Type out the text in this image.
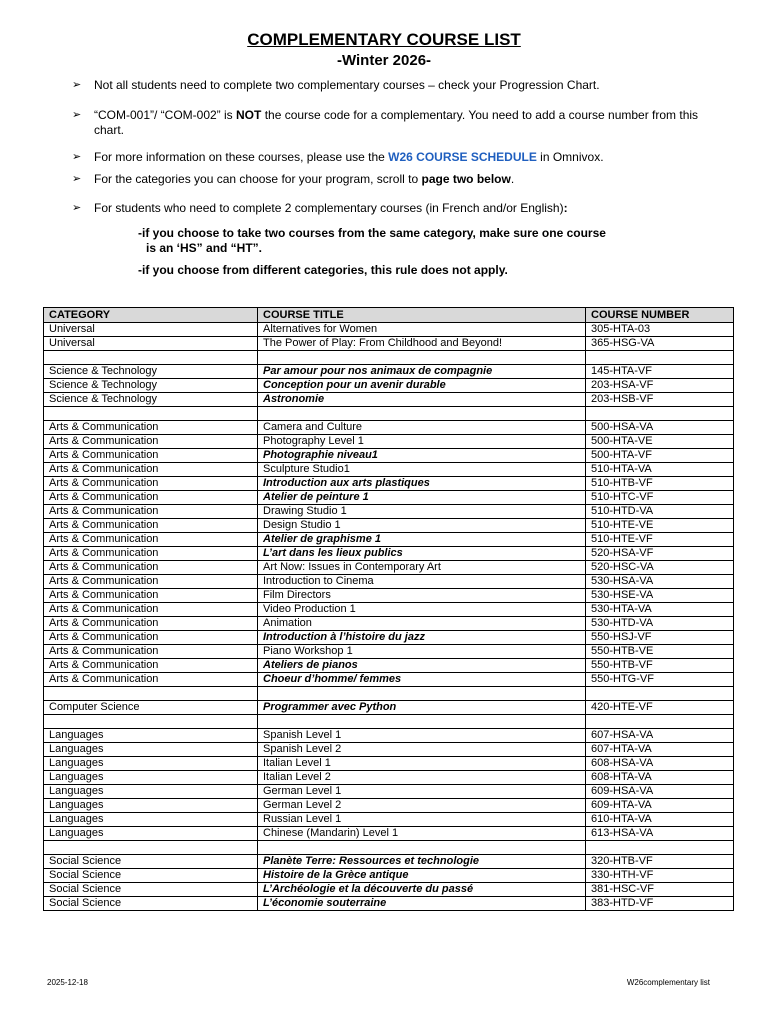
COMPLEMENTARY COURSE LIST
-Winter 2026-
➢ Not all students need to complete two complementary courses – check your Progression Chart.
➢ “COM-001”/ “COM-002” is NOT the course code for a complementary. You need to add a course number from this chart.
➢ For more information on these courses, please use the W26 COURSE SCHEDULE in Omnivox.
➢ For the categories you can choose for your program, scroll to page two below.
➢ For students who need to complete 2 complementary courses (in French and/or English):
-if you choose to take two courses from the same category, make sure one course
is an ‘HS” and “HT”.
-if you choose from different categories, this rule does not apply.
CATEGORY	COURSE TITLE	COURSE NUMBER
Universal	Alternatives for Women	305-HTA-03
Universal	The Power of Play: From Childhood and Beyond!	365-HSG-VA

Science & Technology	Par amour pour nos animaux de compagnie	145-HTA-VF
Science & Technology	Conception pour un avenir durable	203-HSA-VF
Science & Technology	Astronomie	203-HSB-VF

Arts & Communication	Camera and Culture	500-HSA-VA
Arts & Communication	Photography Level 1	500-HTA-VE
Arts & Communication	Photographie niveau1	500-HTA-VF
Arts & Communication	Sculpture Studio1	510-HTA-VA
Arts & Communication	Introduction aux arts plastiques	510-HTB-VF
Arts & Communication	Atelier de peinture 1	510-HTC-VF
Arts & Communication	Drawing Studio 1	510-HTD-VA
Arts & Communication	Design Studio 1	510-HTE-VE
Arts & Communication	Atelier de graphisme 1	510-HTE-VF
Arts & Communication	L’art dans les lieux publics	520-HSA-VF
Arts & Communication	Art Now: Issues in Contemporary Art	520-HSC-VA
Arts & Communication	Introduction to Cinema	530-HSA-VA
Arts & Communication	Film Directors	530-HSE-VA
Arts & Communication	Video Production 1	530-HTA-VA
Arts & Communication	Animation	530-HTD-VA
Arts & Communication	Introduction à l’histoire du jazz	550-HSJ-VF
Arts & Communication	Piano Workshop 1	550-HTB-VE
Arts & Communication	Ateliers de pianos	550-HTB-VF
Arts & Communication	Choeur d’homme/ femmes	550-HTG-VF

Computer Science	Programmer avec Python	420-HTE-VF

Languages	Spanish Level 1	607-HSA-VA
Languages	Spanish Level 2	607-HTA-VA
Languages	Italian Level 1	608-HSA-VA
Languages	Italian Level 2	608-HTA-VA
Languages	German Level 1	609-HSA-VA
Languages	German Level 2	609-HTA-VA
Languages	Russian Level 1	610-HTA-VA
Languages	Chinese (Mandarin) Level 1	613-HSA-VA

Social Science	Planète Terre: Ressources et technologie	320-HTB-VF
Social Science	Histoire de la Grèce antique	330-HTH-VF
Social Science	L’Archéologie et la découverte du passé	381-HSC-VF
Social Science	L’économie souterraine	383-HTD-VF
2025-12-18	W26complementary list
